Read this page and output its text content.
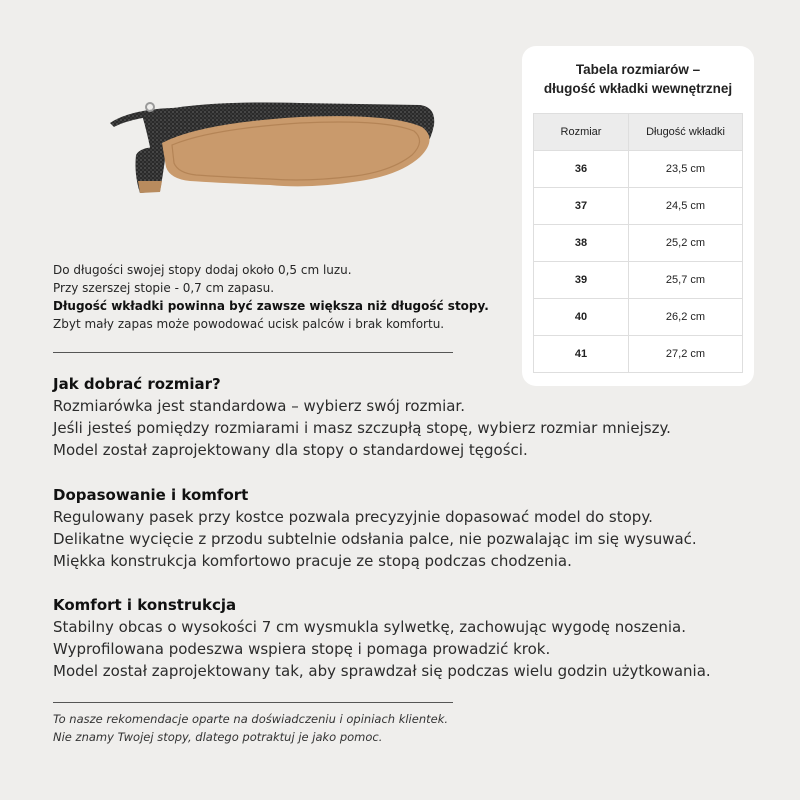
Tabela rozmiarów –
długość wkładki wewnętrznej
Rozmiar	Długość wkładki
36	23,5 cm
37	24,5 cm
38	25,2 cm
39	25,7 cm
40	26,2 cm
41	27,2 cm
Do długości swojej stopy dodaj około 0,5 cm luzu.
Przy szerszej stopie - 0,7 cm zapasu.
Długość wkładki powinna być zawsze większa niż długość stopy.
Zbyt mały zapas może powodować ucisk palców i brak komfortu.
Jak dobrać rozmiar?

Rozmiarówka jest standardowa – wybierz swój rozmiar.

Jeśli jesteś pomiędzy rozmiarami i masz szczupłą stopę, wybierz rozmiar mniejszy.

Model został zaprojektowany dla stopy o standardowej tęgości.

Dopasowanie i komfort

Regulowany pasek przy kostce pozwala precyzyjnie dopasować model do stopy.

Delikatne wycięcie z przodu subtelnie odsłania palce, nie pozwalając im się wysuwać.

Miękka konstrukcja komfortowo pracuje ze stopą podczas chodzenia.

Komfort i konstrukcja

Stabilny obcas o wysokości 7 cm wysmukla sylwetkę, zachowując wygodę noszenia.

Wyprofilowana podeszwa wspiera stopę i pomaga prowadzić krok.

Model został zaprojektowany tak, aby sprawdzał się podczas wielu godzin użytkowania.

To nasze rekomendacje oparte na doświadczeniu i opiniach klientek.
Nie znamy Twojej stopy, dlatego potraktuj je jako pomoc.
